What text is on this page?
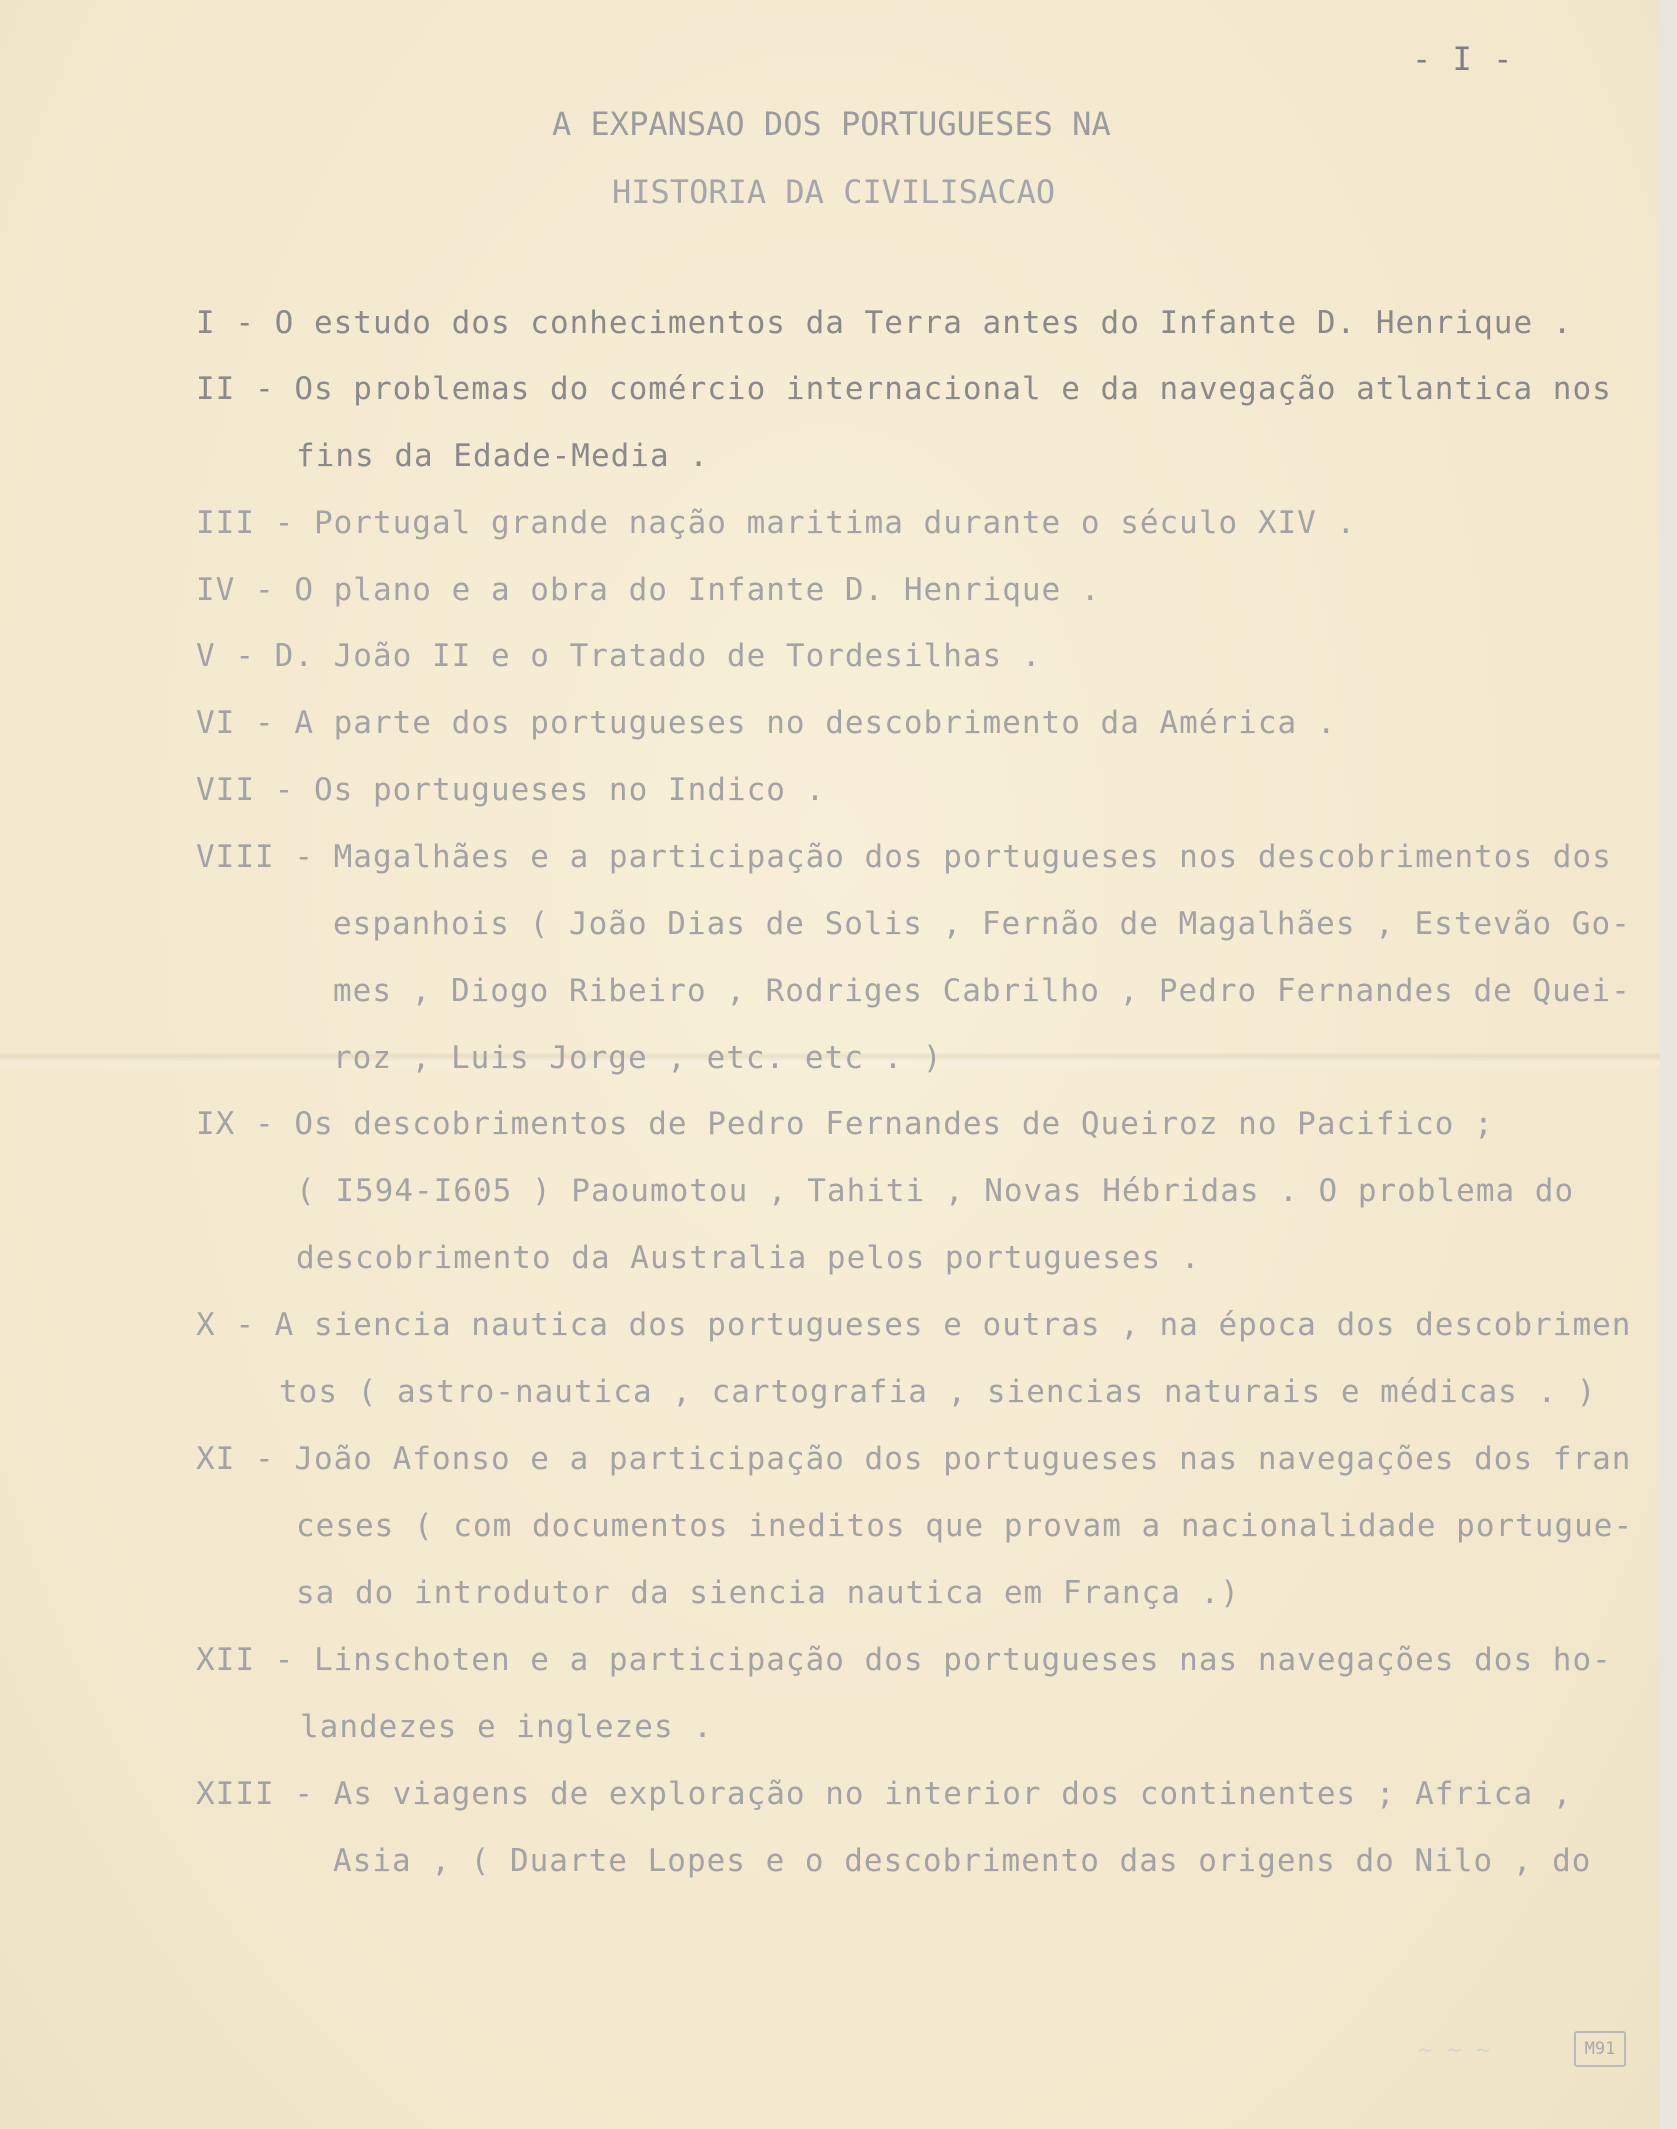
- I -

A EXPANSAO DOS PORTUGUESES NA

HISTORIA DA CIVILISACAO

I - O estudo dos conhecimentos da Terra antes do Infante D. Henrique .

II - Os problemas do comércio internacional e da navegação atlantica nos

fins da Edade-Media .

III - Portugal grande nação maritima durante o século XIV .

IV - O plano e a obra do Infante D. Henrique .

V - D. João II e o Tratado de Tordesilhas .

VI - A parte dos portugueses no descobrimento da América .

VII - Os portugueses no Indico .

VIII - Magalhães e a participação dos portugueses nos descobrimentos dos

espanhois ( João Dias de Solis , Fernão de Magalhães , Estevão Go-

mes , Diogo Ribeiro , Rodriges Cabrilho , Pedro Fernandes de Quei-

roz , Luis Jorge , etc. etc . )

IX - Os descobrimentos de Pedro Fernandes de Queiroz no Pacifico ;

( I594-I605 ) Paoumotou , Tahiti , Novas Hébridas . O problema do

descobrimento da Australia pelos portugueses .

X - A siencia nautica dos portugueses e outras , na época dos descobrimen

tos ( astro-nautica , cartografia , siencias naturais e médicas . )

XI - João Afonso e a participação dos portugueses nas navegações dos fran

ceses ( com documentos ineditos que provam a nacionalidade portugue-

sa do introdutor da siencia nautica em França .)

XII - Linschoten e a participação dos portugueses nas navegações dos ho-

landezes e inglezes .

XIII - As viagens de exploração no interior dos continentes ; Africa ,

Asia , ( Duarte Lopes e o descobrimento das origens do Nilo , do

~ ~ ~	M91
